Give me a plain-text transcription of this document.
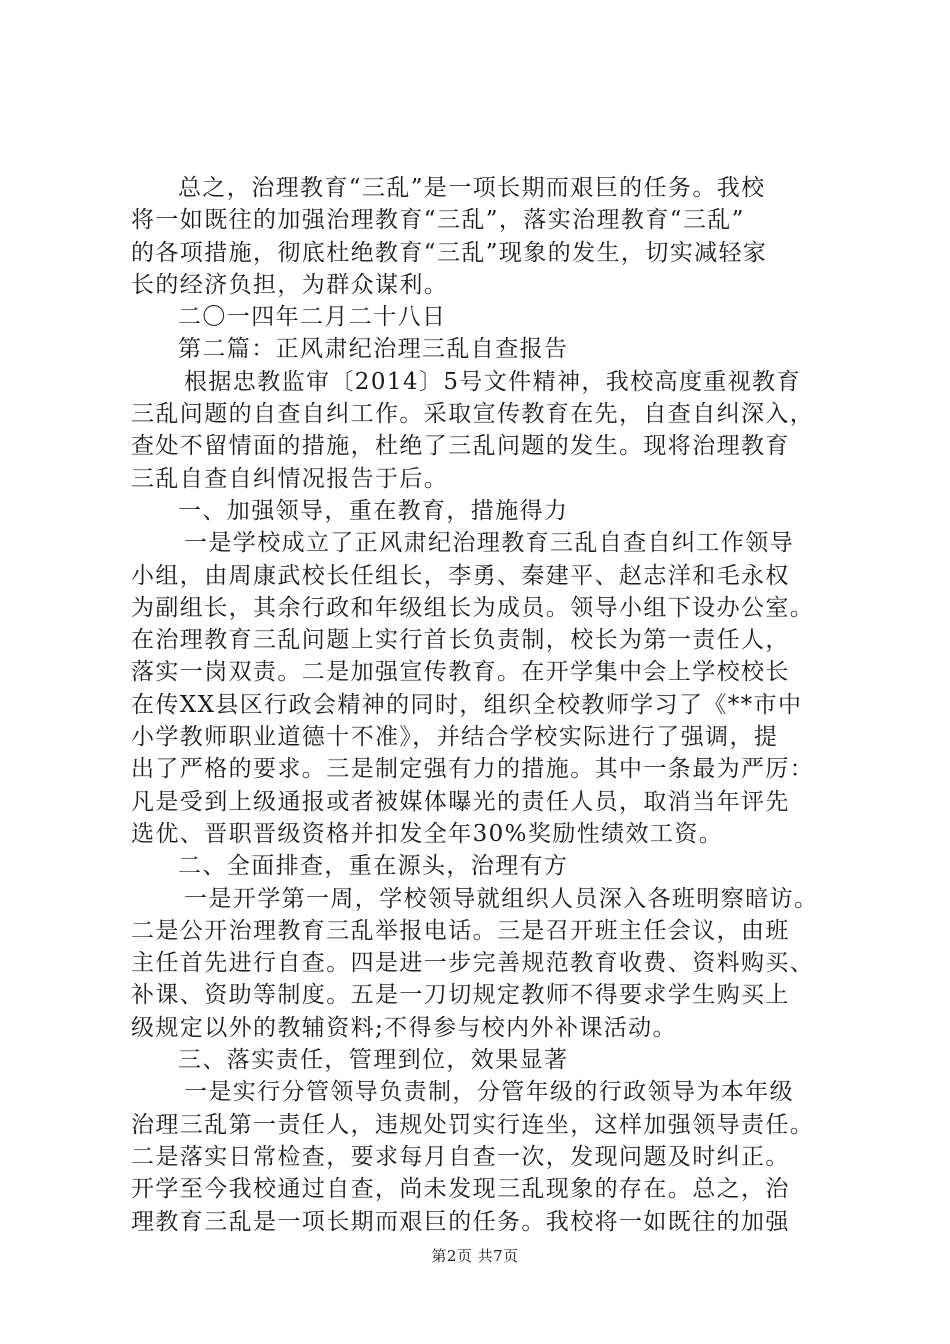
总之，治理教育“三乱”是一项长期而艰巨的任务。我校
将一如既往的加强治理教育“三乱”，落实治理教育“三乱”
的各项措施，彻底杜绝教育“三乱”现象的发生，切实减轻家
长的经济负担，为群众谋利。
二〇一四年二月二十八日
第二篇：正风肃纪治理三乱自查报告
根据忠教监审〔2014〕5号文件精神，我校高度重视教育
三乱问题的自查自纠工作。采取宣传教育在先，自查自纠深入，
查处不留情面的措施，杜绝了三乱问题的发生。现将治理教育
三乱自查自纠情况报告于后。
一、加强领导，重在教育，措施得力
一是学校成立了正风肃纪治理教育三乱自查自纠工作领导
小组，由周康武校长任组长，李勇、秦建平、赵志洋和毛永权
为副组长，其余行政和年级组长为成员。领导小组下设办公室。
在治理教育三乱问题上实行首长负责制，校长为第一责任人，
落实一岗双责。二是加强宣传教育。在开学集中会上学校校长
在传XX县区行政会精神的同时，组织全校教师学习了《**市中
小学教师职业道德十不准》，并结合学校实际进行了强调，提
出了严格的要求。三是制定强有力的措施。其中一条最为严厉：
凡是受到上级通报或者被媒体曝光的责任人员，取消当年评先
选优、晋职晋级资格并扣发全年30%奖励性绩效工资。
二、全面排查，重在源头，治理有方
一是开学第一周，学校领导就组织人员深入各班明察暗访。
二是公开治理教育三乱举报电话。三是召开班主任会议，由班
主任首先进行自查。四是进一步完善规范教育收费、资料购买、
补课、资助等制度。五是一刀切规定教师不得要求学生购买上
级规定以外的教辅资料;不得参与校内外补课活动。
三、落实责任，管理到位，效果显著
一是实行分管领导负责制，分管年级的行政领导为本年级
治理三乱第一责任人，违规处罚实行连坐，这样加强领导责任。
二是落实日常检查，要求每月自查一次，发现问题及时纠正。
开学至今我校通过自查，尚未发现三乱现象的存在。总之，治
理教育三乱是一项长期而艰巨的任务。我校将一如既往的加强
第2页 共7页
